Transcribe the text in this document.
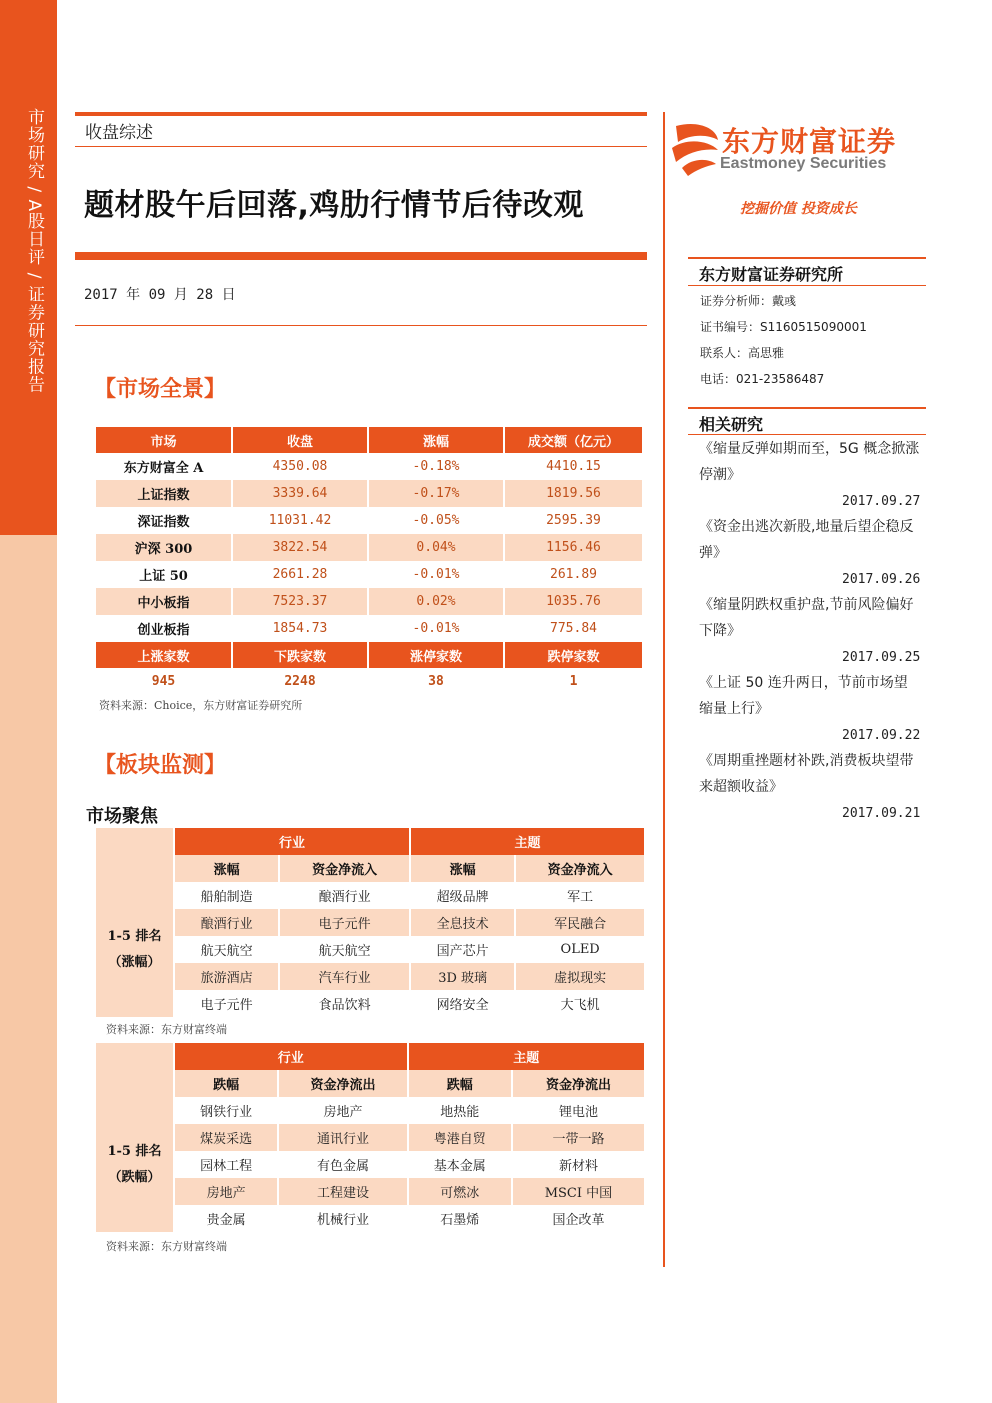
市场研究 / A股日评 / 证券研究报告 收盘综述
题材股午后回落,鸡肋行情节后待改观
2017 年 09 月 28 日
【市场全景】
市场	收盘	涨幅	成交额（亿元）
东方财富全 A	4350.08	-0.18%	4410.15
上证指数	3339.64	-0.17%	1819.56
深证指数	11031.42	-0.05%	2595.39
沪深 300	3822.54	0.04%	1156.46
上证 50	2661.28	-0.01%	261.89
中小板指	7523.37	0.02%	1035.76
创业板指	1854.73	-0.01%	775.84
上涨家数	下跌家数	涨停家数	跌停家数
945	2248	38	1
资料来源：Choice，东方财富证券研究所
【板块监测】
市场聚焦
	行业		主题	
	涨幅	资金净流入	涨幅	资金净流入

1-5 排名
（涨幅）	船舶制造	酿酒行业	超级品牌	军工
	酿酒行业	电子元件	全息技术	军民融合
	航天航空	航天航空	国产芯片	OLED
	旅游酒店	汽车行业	3D 玻璃	虚拟现实
	电子元件	食品饮料	网络安全	大飞机
资料来源：东方财富终端
	行业		主题	
	跌幅	资金净流出	跌幅	资金净流出

1-5 排名
（跌幅）	钢铁行业	房地产	地热能	锂电池
	煤炭采选	通讯行业	粤港自贸	一带一路
	园林工程	有色金属	基本金属	新材料
	房地产	工程建设	可燃冰	MSCI 中国
	贵金属	机械行业	石墨烯	国企改革
资料来源：东方财富终端
东方财富证券
Eastmoney Securities
挖掘价值 投资成长
东方财富证券研究所
证券分析师：戴彧
证书编号：S1160515090001
联系人：高思雅
电话：021-23586487
相关研究
《缩量反弹如期而至，5G 概念掀涨停潮》
2017.09.27
《资金出逃次新股,地量后望企稳反弹》
2017.09.26
《缩量阴跌权重护盘,节前风险偏好下降》
2017.09.25
《上证 50 连升两日，节前市场望缩量上行》
2017.09.22
《周期重挫题材补跌,消费板块望带来超额收益》
2017.09.21
